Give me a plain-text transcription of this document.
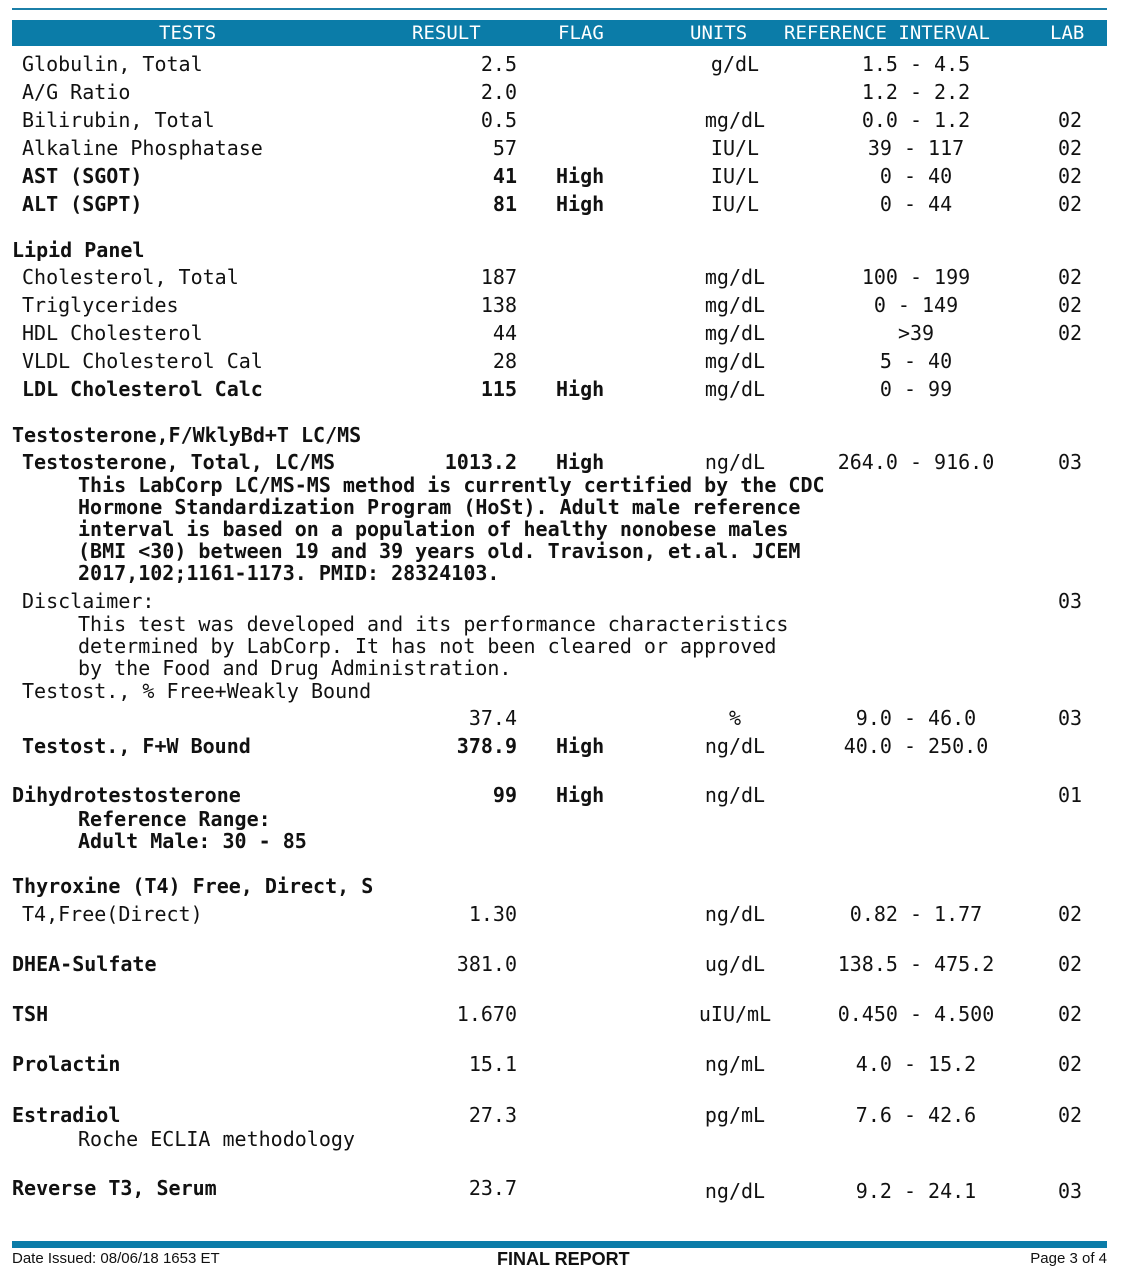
TESTS	RESULT	FLAG	UNITS REFERENCE INTERVAL	LAB
Globulin, Total	2.5	g/dL	1.5 - 4.5
A/G Ratio	2.0	1.2 - 2.2
Bilirubin, Total	0.5	mg/dL	0.0 - 1.2	02
Alkaline Phosphatase	57	IU/L	39 - 117	02
AST (SGOT)	41 High	IU/L	0 - 40	02
ALT (SGPT)	81 High	IU/L	0 - 44	02
Lipid Panel
Cholesterol, Total	187	mg/dL	100 - 199	02
Triglycerides	138	mg/dL	0 - 149	02
HDL Cholesterol	44	mg/dL	>39	02
VLDL Cholesterol Cal	28	mg/dL	5 - 40
LDL Cholesterol Calc	115 High	mg/dL	0 - 99
Testosterone,F/WklyBd+T LC/MS
Testosterone, Total, LC/MS	1013.2 High	ng/dL	264.0 - 916.0	03
This LabCorp LC/MS-MS method is currently certified by the CDC
Hormone Standardization Program (HoSt). Adult male reference
interval is based on a population of healthy nonobese males
(BMI <30) between 19 and 39 years old. Travison, et.al. JCEM
2017,102;1161-1173. PMID: 28324103.
Disclaimer:	03
This test was developed and its performance characteristics
determined by LabCorp. It has not been cleared or approved
by the Food and Drug Administration.
Testost., % Free+Weakly Bound
37.4	%	9.0 - 46.0	03
Testost., F+W Bound	378.9 High	ng/dL	40.0 - 250.0
Dihydrotestosterone	99 High	ng/dL	01
Reference Range:
Adult Male: 30 - 85
Thyroxine (T4) Free, Direct, S
T4,Free(Direct)	1.30	ng/dL	0.82 - 1.77	02
DHEA-Sulfate	381.0	ug/dL	138.5 - 475.2	02
TSH	1.670	uIU/mL	0.450 - 4.500	02
Prolactin	15.1	ng/mL	4.0 - 15.2	02
Estradiol	27.3	pg/mL	7.6 - 42.6	02
Roche ECLIA methodology
Reverse T3, Serum	23.7	ng/dL	9.2 - 24.1	03
Date Issued: 08/06/18 1653 ET	FINAL REPORT	Page 3 of 4
